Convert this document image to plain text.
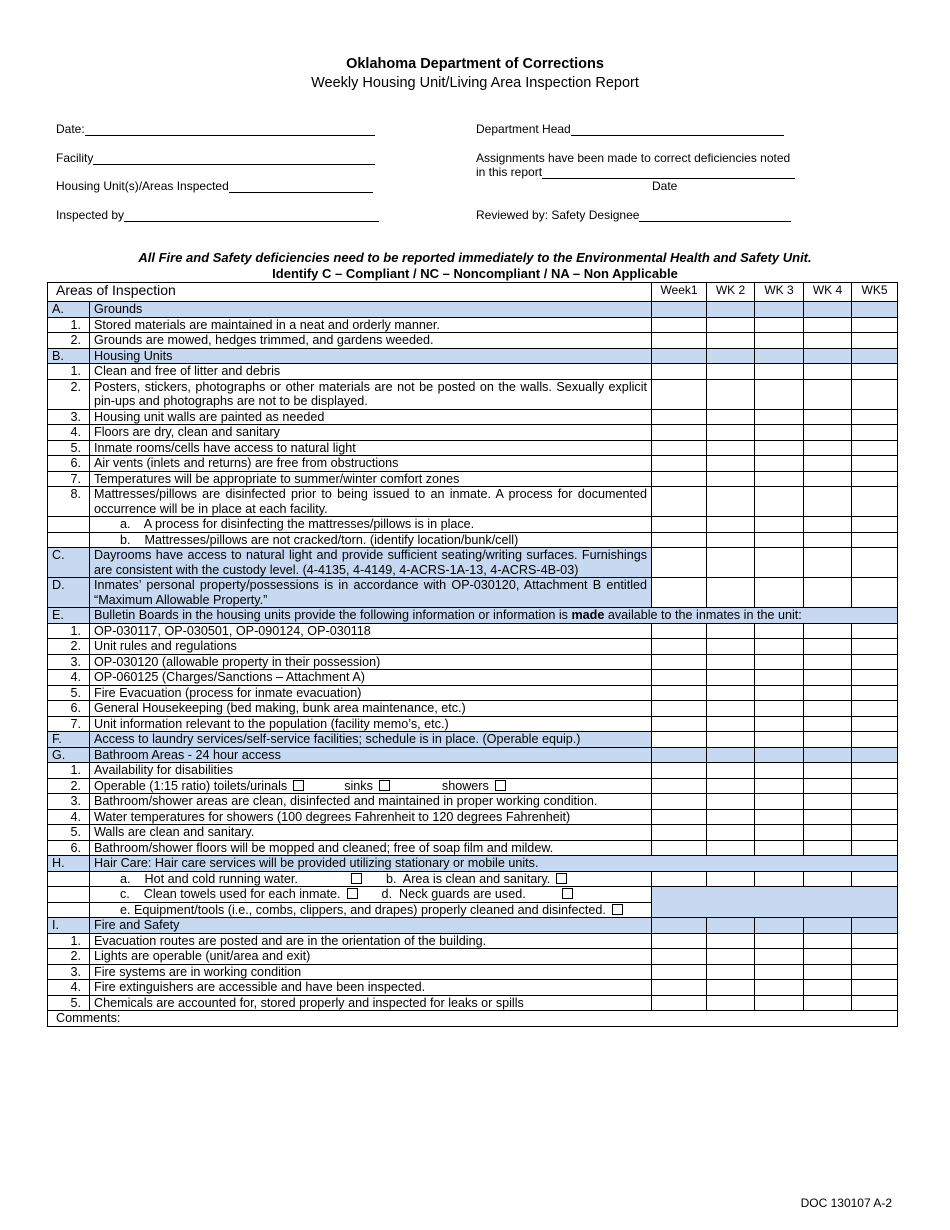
Oklahoma Department of Corrections
Weekly Housing Unit/Living Area Inspection Report
Date:
Facility
Housing Unit(s)/Areas Inspected
Inspected by
Department Head
Assignments have been made to correct deficiencies noted
in this report
Date
Reviewed by: Safety Designee
All Fire and Safety deficiencies need to be reported immediately to the Environmental Health and Safety Unit.
Identify C – Compliant / NC – Noncompliant / NA – Non Applicable
Areas of Inspection		Week1	WK 2	WK 3	WK 4	WK5
A.	Grounds					
1.	Stored materials are maintained in a neat and orderly manner.					
2.	Grounds are mowed, hedges trimmed, and gardens weeded.					
B.	Housing Units					
1.	Clean and free of litter and debris					
2.	Posters, stickers, photographs or other materials are not be posted on the walls. Sexually explicit pin-ups and photographs are not to be displayed.					
3.	Housing unit walls are painted as needed					
4.	Floors are dry, clean and sanitary					
5.	Inmate rooms/cells have access to natural light					
6.	Air vents (inlets and returns) are free from obstructions					
7.	Temperatures will be appropriate to summer/winter comfort zones					
8.	Mattresses/pillows are disinfected prior to being issued to an inmate. A process for documented occurrence will be in place at each facility.					
	a.    A process for disinfecting the mattresses/pillows is in place.					
	b.    Mattresses/pillows are not cracked/torn. (identify location/bunk/cell)					
C.	Dayrooms have access to natural light and provide sufficient seating/writing surfaces. Furnishings are consistent with the custody level. (4-4135, 4-4149, 4-ACRS-1A-13, 4-ACRS-4B-03)					
D.	Inmates’ personal property/possessions is in accordance with OP-030120, Attachment B entitled “Maximum Allowable Property.”					
E.	Bulletin Boards in the housing units provide the following information or information is made available to the inmates in the unit:					
1.	OP-030117, OP-030501, OP-090124, OP-030118					
2.	Unit rules and regulations					
3.	OP-030120 (allowable property in their possession)					
4.	OP-060125 (Charges/Sanctions – Attachment A)					
5.	Fire Evacuation (process for inmate evacuation)					
6.	General Housekeeping (bed making, bunk area maintenance, etc.)					
7.	Unit information relevant to the population (facility memo’s, etc.)					
F.	Access to laundry services/self-service facilities; schedule is in place. (Operable equip.)					
G.	Bathroom Areas - 24 hour access					
1.	Availability for disabilities					
2.	Operable (1:15 ratio) toilets/urinals sinks showers					
3.	Bathroom/shower areas are clean, disinfected and maintained in proper working condition.					
4.	Water temperatures for showers (100 degrees Fahrenheit to 120 degrees Fahrenheit)					
5.	Walls are clean and sanitary.					
6.	Bathroom/shower floors will be mopped and cleaned; free of soap film and mildew.					
H.	Hair Care: Hair care services will be provided utilizing stationary or mobile units.					
	a.    Hot and cold running water. b.  Area is clean and sanitary.					
	c.    Clean towels used for each inmate. d.  Neck guards are used.					
	e. Equipment/tools (i.e., combs, clippers, and drapes) properly cleaned and disinfected.					
I.	Fire and Safety					
1.	Evacuation routes are posted and are in the orientation of the building.					
2.	Lights are operable (unit/area and exit)					
3.	Fire systems are in working condition					
4.	Fire extinguishers are accessible and have been inspected.					
5.	Chemicals are accounted for, stored properly and inspected for leaks or spills					
Comments:						
DOC 130107 A-2
